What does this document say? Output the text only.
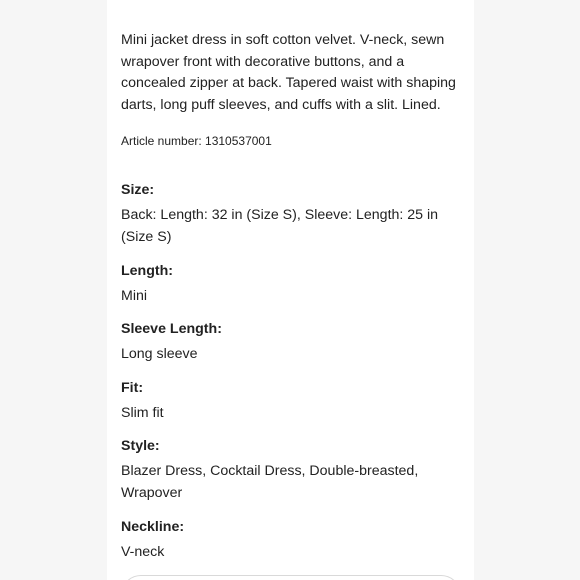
Mini jacket dress in soft cotton velvet. V-neck, sewn wrapover front with decorative buttons, and a concealed zipper at back. Tapered waist with shaping darts, long puff sleeves, and cuffs with a slit. Lined.

Article number: 1310537001

Size:

Back: Length: 32 in (Size S), Sleeve: Length: 25 in (Size S)

Length:

Mini

Sleeve Length:

Long sleeve

Fit:

Slim fit

Style:

Blazer Dress, Cocktail Dress, Double-breasted, Wrapover

Neckline:

V-neck
